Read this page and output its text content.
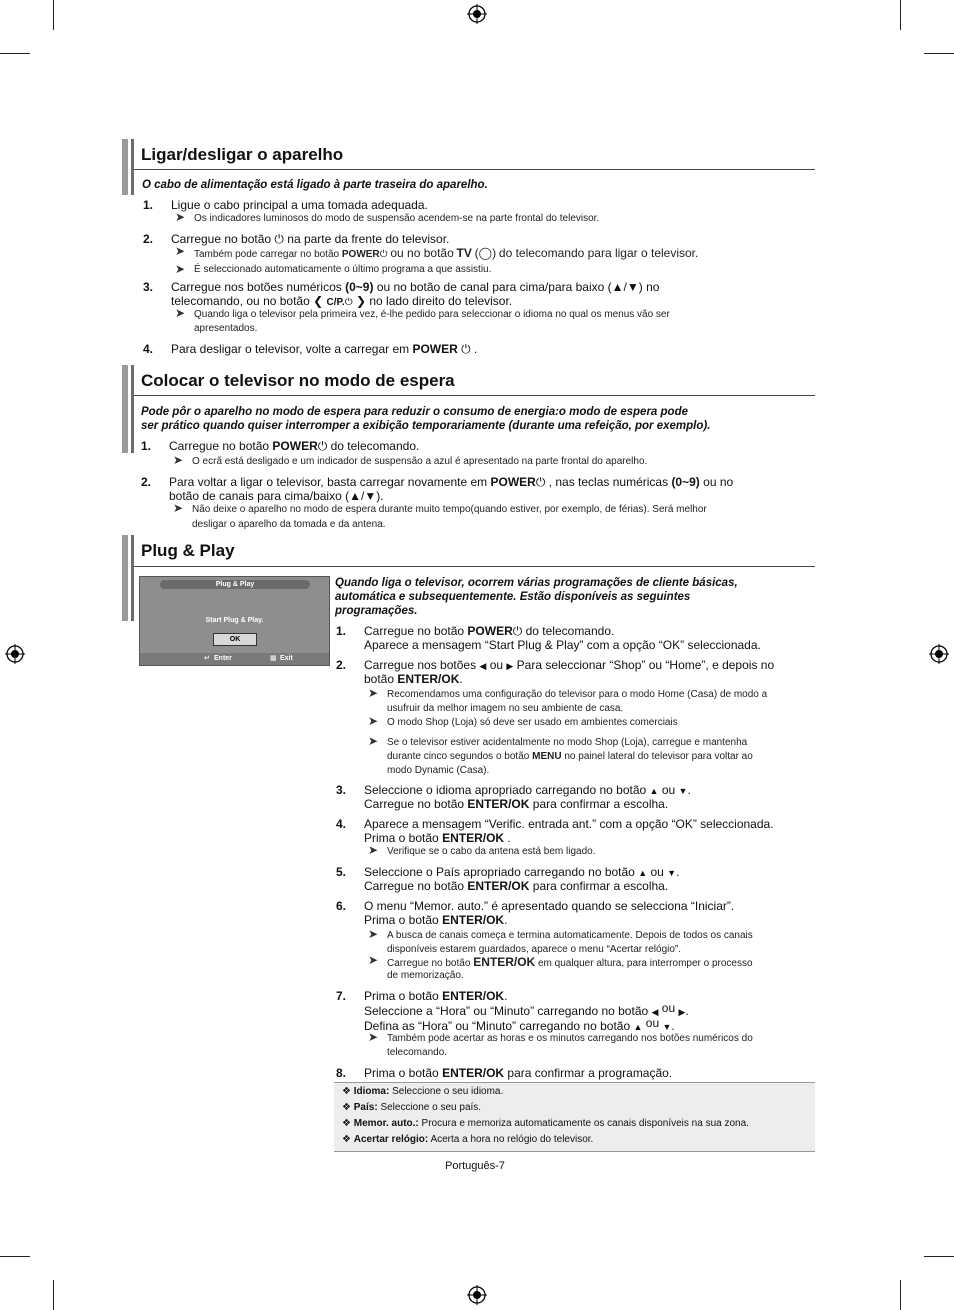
Ligar/desligar o aparelho
O cabo de alimentação está ligado à parte traseira do aparelho.
1. Ligue o cabo principal a uma tomada adequada.
➤ Os indicadores luminosos do modo de suspensão acendem-se na parte frontal do televisor.
2. Carregue no botão ⏻ na parte da frente do televisor.
➤ Também pode carregar no botão POWER⏻ ou no botão TV (◯) do telecomando para ligar o televisor.
➤ É seleccionado automaticamente o último programa a que assistiu.
3. Carregue nos botões numéricos (0~9) ou no botão de canal para cima/para baixo (▲/▼) no
telecomando, ou no botão ❮ C/P.⏻ ❯ no lado direito do televisor.
➤ Quando liga o televisor pela primeira vez, é-lhe pedido para seleccionar o idioma no qual os menus vão ser
apresentados.
4. Para desligar o televisor, volte a carregar em POWER ⏻ .
Colocar o televisor no modo de espera
Pode pôr o aparelho no modo de espera para reduzir o consumo de energia:o modo de espera pode
ser prático quando quiser interromper a exibição temporariamente (durante uma refeição, por exemplo).
1. Carregue no botão POWER⏻ do telecomando.
➤ O ecrã está desligado e um indicador de suspensão a azul é apresentado na parte frontal do aparelho.
2. Para voltar a ligar o televisor, basta carregar novamente em POWER⏻ , nas teclas numéricas (0~9) ou no
botão de canais para cima/baixo (▲/▼).
➤ Não deixe o aparelho no modo de espera durante muito tempo(quando estiver, por exemplo, de férias). Será melhor
desligar o aparelho da tomada e da antena.
Plug & Play
Plug & Play
Start Plug & Play.
OK
↵ Enter	▦ Exit
Quando liga o televisor, ocorrem várias programações de cliente básicas,
automática e subsequentemente. Estão disponíveis as seguintes
programações.
1. Carregue no botão POWER⏻ do telecomando.
Aparece a mensagem “Start Plug & Play” com a opção “OK” seleccionada.
2. Carregue nos botões ◀ ou ▶ Para seleccionar “Shop” ou “Home”, e depois no
botão ENTER/OK.
➤ Recomendamos uma configuração do televisor para o modo Home (Casa) de modo a
usufruir da melhor imagem no seu ambiente de casa.
➤ O modo Shop (Loja) só deve ser usado em ambientes comerciais
➤ Se o televisor estiver acidentalmente no modo Shop (Loja), carregue e mantenha
durante cinco segundos o botão MENU no painel lateral do televisor para voltar ao
modo Dynamic (Casa).
3. Seleccione o idioma apropriado carregando no botão ▲ ou ▼.
Carregue no botão ENTER/OK para confirmar a escolha.
4. Aparece a mensagem “Verific. entrada ant.” com a opção “OK” seleccionada.
Prima o botão ENTER/OK .
➤ Verifique se o cabo da antena está bem ligado.
5. Seleccione o País apropriado carregando no botão ▲ ou ▼.
Carregue no botão ENTER/OK para confirmar a escolha.
6. O menu “Memor. auto.” é apresentado quando se selecciona “Iniciar”.
Prima o botão ENTER/OK.
➤ A busca de canais começa e termina automaticamente. Depois de todos os canais
disponíveis estarem guardados, aparece o menu “Acertar relógio”.
➤ Carregue no botão ENTER/OK em qualquer altura, para interromper o processo
de memorização.
7. Prima o botão ENTER/OK.
Seleccione a “Hora” ou “Minuto” carregando no botão ◀ ou ▶.
Defina as “Hora” ou “Minuto” carregando no botão ▲ ou ▼.
➤ Também pode acertar as horas e os minutos carregando nos botões numéricos do
telecomando.
8. Prima o botão ENTER/OK para confirmar a programação.
❖ Idioma: Seleccione o seu idioma.
❖ País: Seleccione o seu país.
❖ Memor. auto.: Procura e memoriza automaticamente os canais disponíveis na sua zona.
❖ Acertar relógio: Acerta a hora no relógio do televisor.
Português-7
